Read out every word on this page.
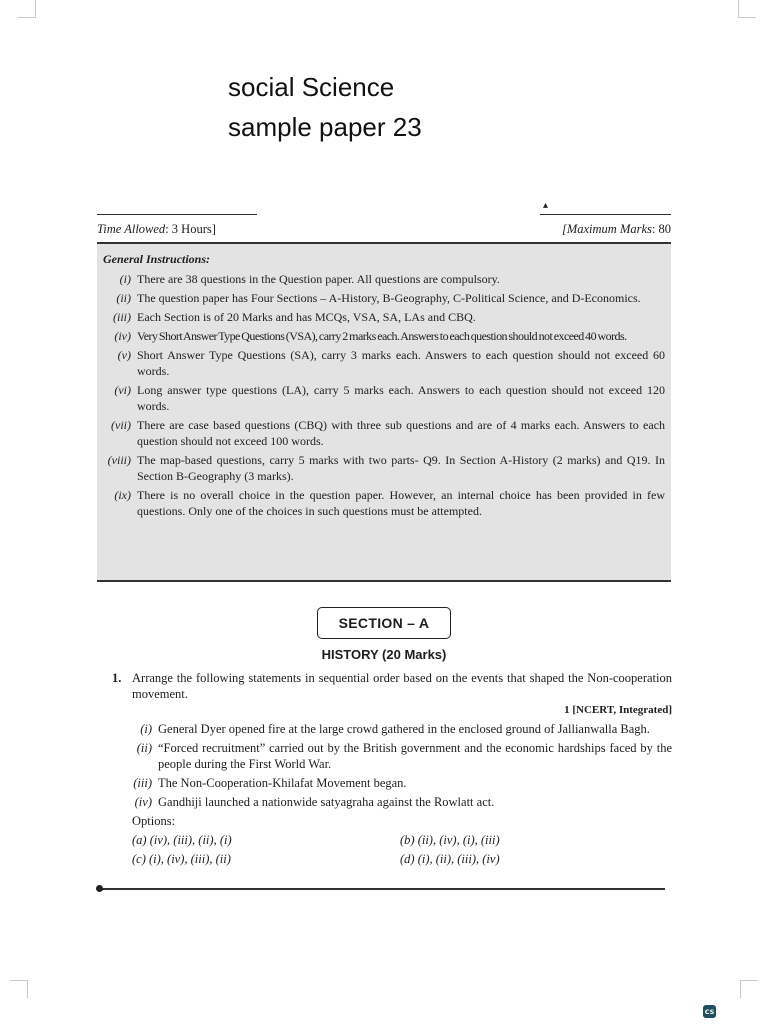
social Science
sample paper 23
▴
Time Allowed: 3 Hours]	[Maximum Marks: 80
General Instructions:
(i) There are 38 questions in the Question paper. All questions are compulsory.
(ii) The question paper has Four Sections – A-History, B-Geography, C-Political Science, and D-Economics.
(iii) Each Section is of 20 Marks and has MCQs, VSA, SA, LAs and CBQ.
(iv) Very Short Answer Type Questions (VSA), carry 2 marks each. Answers to each question should not exceed 40 words.
(v) Short Answer Type Questions (SA), carry 3 marks each. Answers to each question should not exceed 60 words.
(vi) Long answer type questions (LA), carry 5 marks each. Answers to each question should not exceed 120 words.
(vii) There are case based questions (CBQ) with three sub questions and are of 4 marks each. Answers to each question should not exceed 100 words.
(viii) The map-based questions, carry 5 marks with two parts- Q9. In Section A-History (2 marks) and Q19. In Section B-Geography (3 marks).
(ix) There is no overall choice in the question paper. However, an internal choice has been provided in few questions. Only one of the choices in such questions must be attempted.
SECTION – A
HISTORY (20 Marks)
1. Arrange the following statements in sequential order based on the events that shaped the Non-cooperation movement.
1 [NCERT, Integrated]
(i) General Dyer opened fire at the large crowd gathered in the enclosed ground of Jallianwalla Bagh.
(ii) “Forced recruitment” carried out by the British government and the economic hardships faced by the people during the First World War.
(iii) The Non-Cooperation-Khilafat Movement began.
(iv) Gandhiji launched a nationwide satyagraha against the Rowlatt act.
Options:
(a) (iv), (iii), (ii), (i)	(b) (ii), (iv), (i), (iii)
(c) (i), (iv), (iii), (ii)	(d) (i), (ii), (iii), (iv)
CS
